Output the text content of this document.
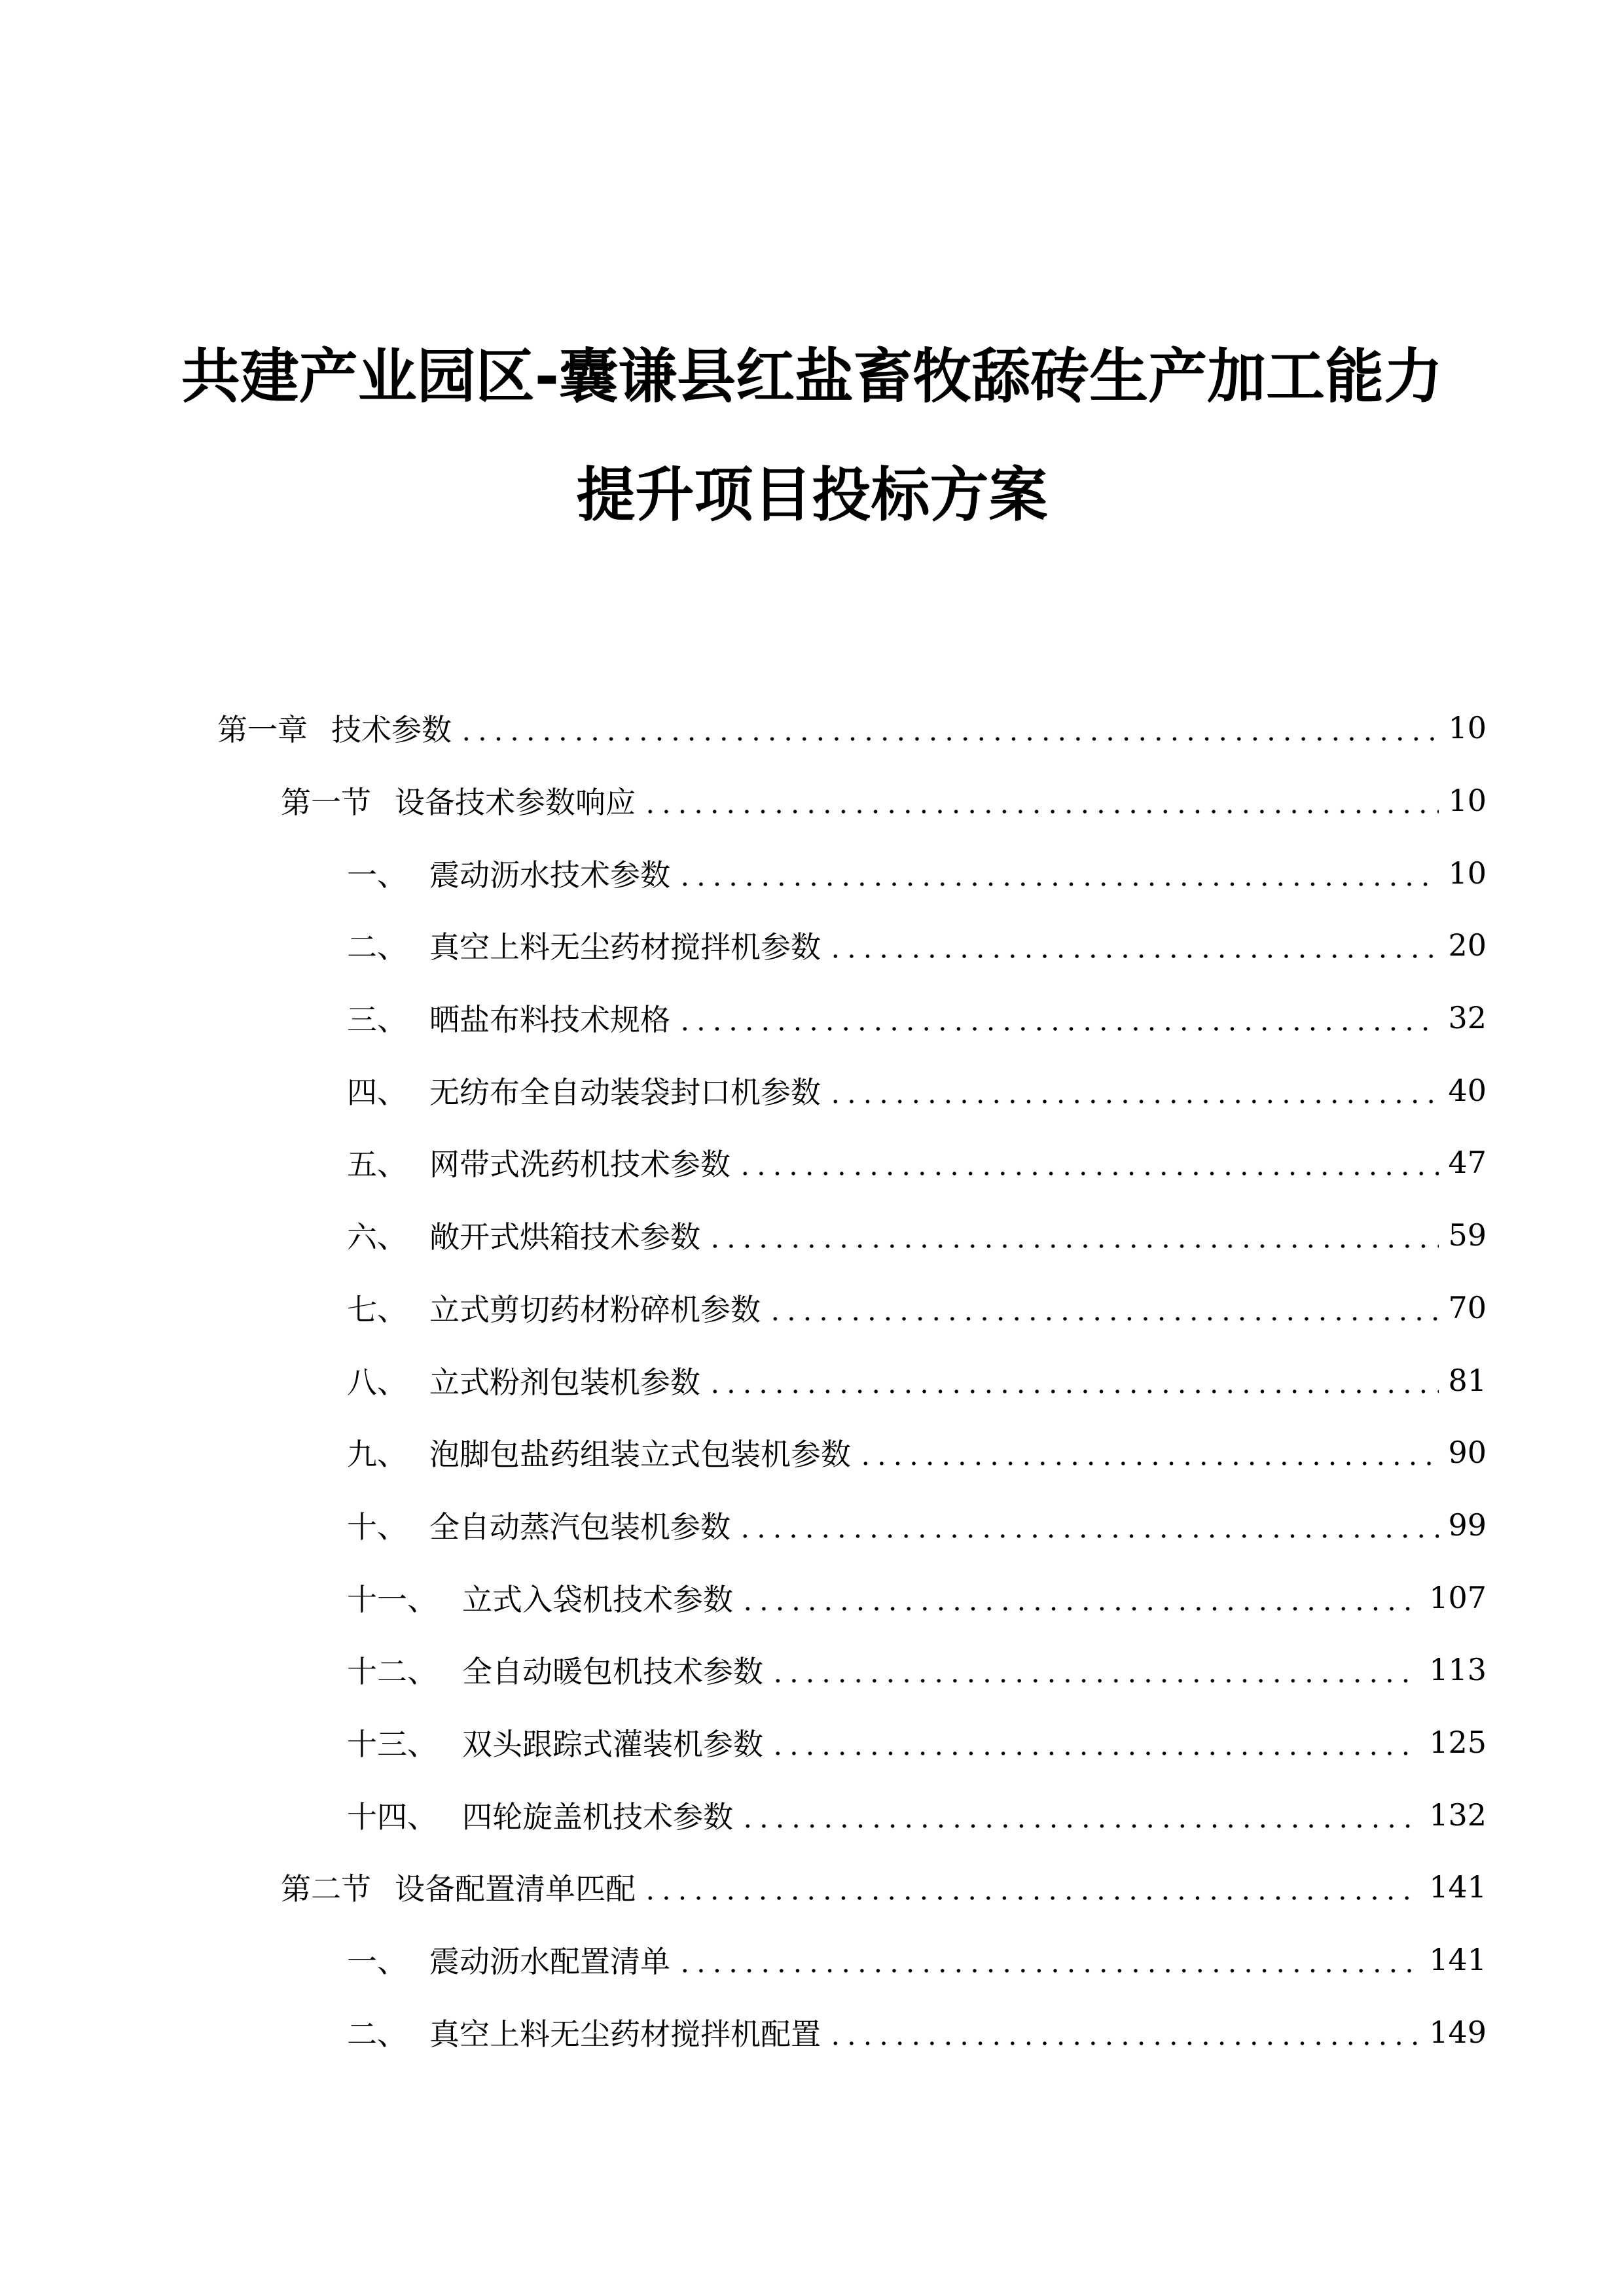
共建产业园区-囊谦县红盐畜牧舔砖生产加工能力
提升项目投标方案
第一章 技术参数	10
第一节 设备技术参数响应	10
一、 震动沥水技术参数	10
二、 真空上料无尘药材搅拌机参数	20
三、 晒盐布料技术规格	32
四、 无纺布全自动装袋封口机参数	40
五、 网带式洗药机技术参数	47
六、 敞开式烘箱技术参数	59
七、 立式剪切药材粉碎机参数	70
八、 立式粉剂包装机参数	81
九、 泡脚包盐药组装立式包装机参数	90
十、 全自动蒸汽包装机参数	99
十一、 立式入袋机技术参数	107
十二、 全自动暖包机技术参数	113
十三、 双头跟踪式灌装机参数	125
十四、 四轮旋盖机技术参数	132
第二节 设备配置清单匹配	141
一、 震动沥水配置清单	141
二、 真空上料无尘药材搅拌机配置	149
